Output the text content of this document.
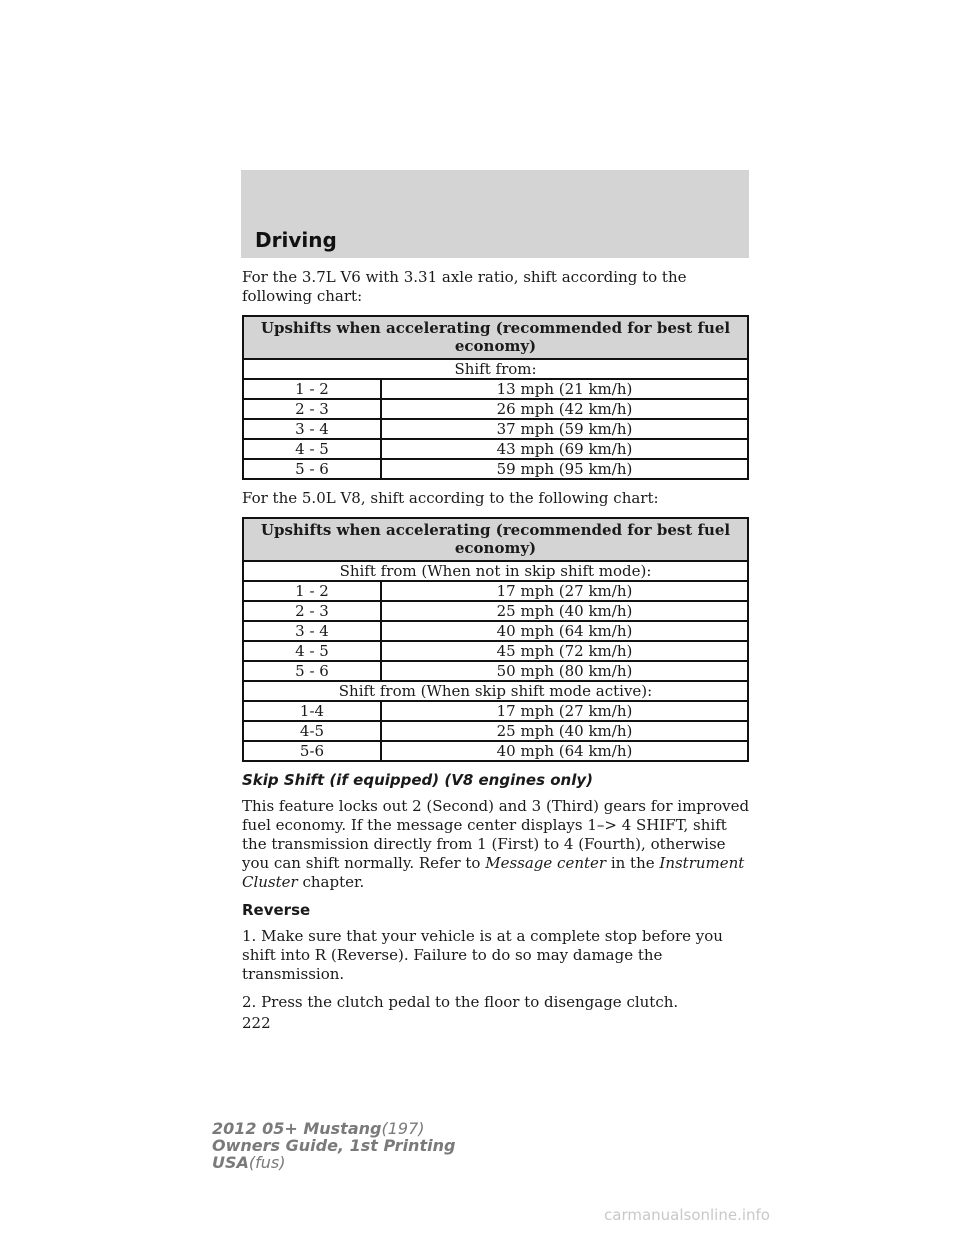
Driving

For the 3.7L V6 with 3.31 axle ratio, shift according to the following chart:

Upshifts when accelerating (recommended for best fuel economy)	
Shift from:	
1 - 2	13 mph (21 km/h)
2 - 3	26 mph (42 km/h)
3 - 4	37 mph (59 km/h)
4 - 5	43 mph (69 km/h)
5 - 6	59 mph (95 km/h)

For the 5.0L V8, shift according to the following chart:

Upshifts when accelerating (recommended for best fuel economy)	
Shift from (When not in skip shift mode):	
1 - 2	17 mph (27 km/h)
2 - 3	25 mph (40 km/h)
3 - 4	40 mph (64 km/h)
4 - 5	45 mph (72 km/h)
5 - 6	50 mph (80 km/h)
Shift from (When skip shift mode active):	
1-4	17 mph (27 km/h)
4-5	25 mph (40 km/h)
5-6	40 mph (64 km/h)
Skip Shift (if equipped) (V8 engines only)

This feature locks out 2 (Second) and 3 (Third) gears for improved fuel economy. If the message center displays 1–> 4 SHIFT, shift the transmission directly from 1 (First) to 4 (Fourth), otherwise you can shift normally. Refer to Message center in the Instrument Cluster chapter.

Reverse

1. Make sure that your vehicle is at a complete stop before you shift into R (Reverse). Failure to do so may damage the transmission.

2. Press the clutch pedal to the floor to disengage clutch.

222
2012 05+ Mustang(197)
Owners Guide, 1st Printing
USA(fus)
carmanualsonline.info
